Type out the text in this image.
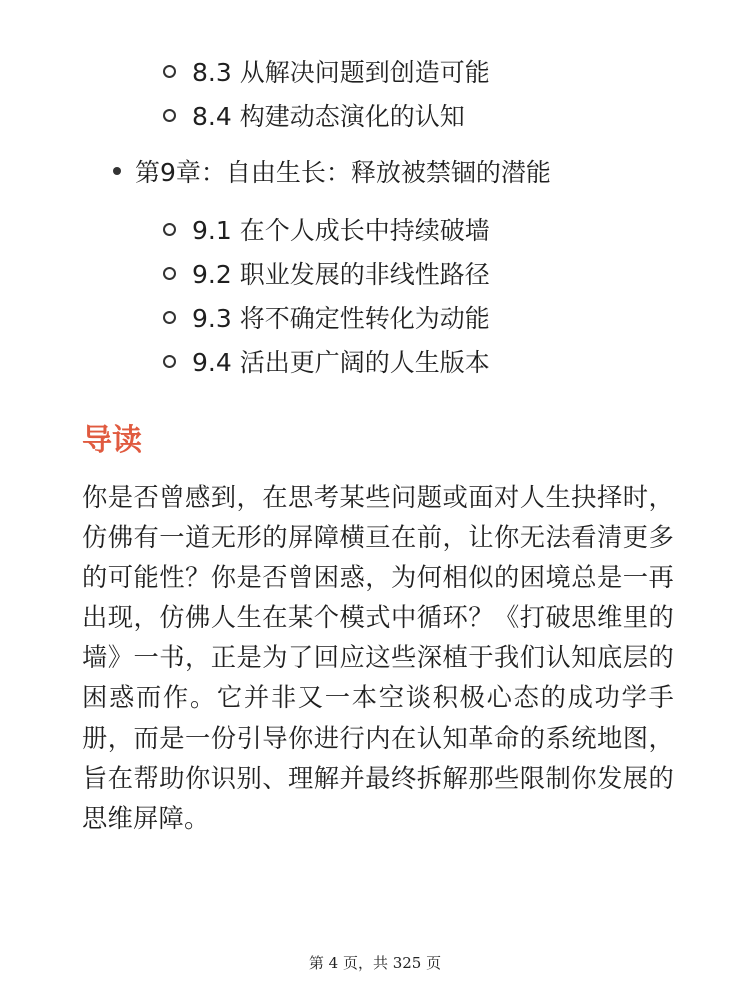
8.3 从解决问题到创造可能
8.4 构建动态演化的认知
第9章：自由生长：释放被禁锢的潜能
9.1 在个人成长中持续破墙
9.2 职业发展的非线性路径
9.3 将不确定性转化为动能
9.4 活出更广阔的人生版本
导读

你是否曾感到，在思考某些问题或面对人生抉择时，仿佛有一道无形的屏障横亘在前，让你无法看清更多的可能性？你是否曾困惑，为何相似的困境总是一再出现，仿佛人生在某个模式中循环？《打破思维里的墙》一书，正是为了回应这些深植于我们认知底层的困惑而作。它并非又一本空谈积极心态的成功学手册，而是一份引导你进行内在认知革命的系统地图，旨在帮助你识别、理解并最终拆解那些限制你发展的思维屏障。

第 4 页，共 325 页
